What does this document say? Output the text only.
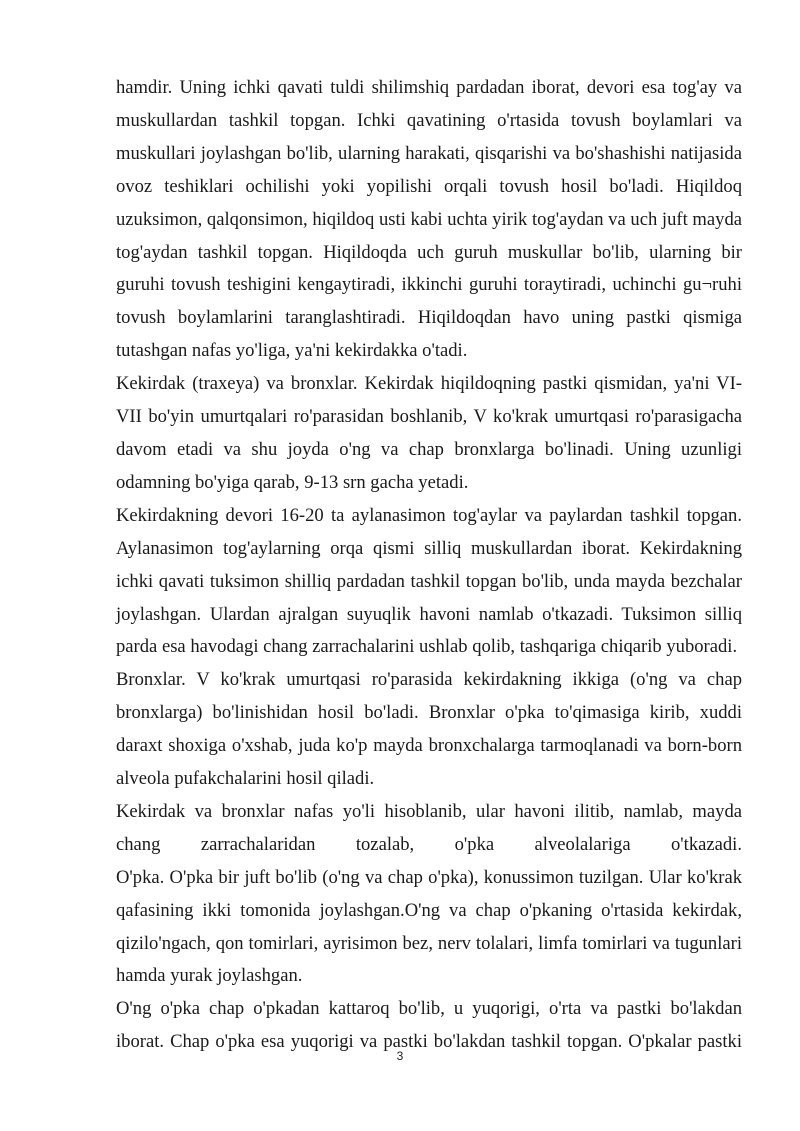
hamdir. Uning ichki qavati tuldi shilimshiq pardadan iborat, devori esa tog'ay va muskullardan tashkil topgan. Ichki qavatining o'rtasida tovush boylamlari va muskullari joylashgan bo'lib, ularning harakati, qisqarishi va bo'shashishi natijasida ovoz teshiklari ochilishi yoki yopilishi orqali tovush hosil bo'ladi. Hiqildoq uzuksimon, qalqonsimon, hiqildoq usti kabi uchta yirik tog'aydan va uch juft mayda tog'aydan tashkil topgan. Hiqildoqda uch guruh muskullar bo'lib, ularning bir guruhi tovush teshigini kengaytiradi, ikkinchi guruhi toraytiradi, uchinchi gu¬ruhi tovush boylamlarini taranglashtiradi. Hiqildoqdan havo uning pastki qismiga tutashgan nafas yo'liga, ya'ni kekirdakka o'tadi.

Kekirdak (traxeya) va bronxlar. Kekirdak hiqildoqning pastki qismidan, ya'ni VI-VII bo'yin umurtqalari ro'parasidan boshlanib, V ko'krak umurtqasi ro'parasigacha davom etadi va shu joyda o'ng va chap bronxlarga bo'linadi. Uning uzunligi odamning bo'yiga qarab, 9-13 srn gacha yetadi.

Kekirdakning devori 16-20 ta aylanasimon tog'aylar va paylardan tashkil topgan. Aylanasimon tog'aylarning orqa qismi silliq muskullardan iborat. Kekirdakning ichki qavati tuksimon shilliq pardadan tashkil topgan bo'lib, unda mayda bezchalar joylashgan. Ulardan ajralgan suyuqlik havoni namlab o'tkazadi. Tuksimon silliq parda esa havodagi chang zarrachalarini ushlab qolib, tashqariga chiqarib yuboradi.

Bronxlar. V ko'krak umurtqasi ro'parasida kekirdakning ikkiga (o'ng va chap bronxlarga) bo'linishidan hosil bo'ladi. Bronxlar o'pka to'qimasiga kirib, xuddi daraxt shoxiga o'xshab, juda ko'p mayda bronxchalarga tarmoqlanadi va born-born alveola pufakchalarini hosil qiladi.

Kekirdak va bronxlar nafas yo'li hisoblanib, ular havoni ilitib, namlab, mayda chang zarrachalaridan tozalab, o'pka alveolalariga o'tkazadi.

O'pka. O'pka bir juft bo'lib (o'ng va chap o'pka), konussimon tuzilgan. Ular ko'krak qafasining ikki tomonida joylashgan.O'ng va chap o'pkaning o'rtasida kekirdak, qizilo'ngach, qon tomirlari, ayrisimon bez, nerv tolalari, limfa tomirlari va tugunlari hamda yurak joylashgan.

O'ng o'pka chap o'pkadan kattaroq bo'lib, u yuqorigi, o'rta va pastki bo'lakdan iborat. Chap o'pka esa yuqorigi va pastki bo'lakdan tashkil topgan. O'pkalar pastki

3
